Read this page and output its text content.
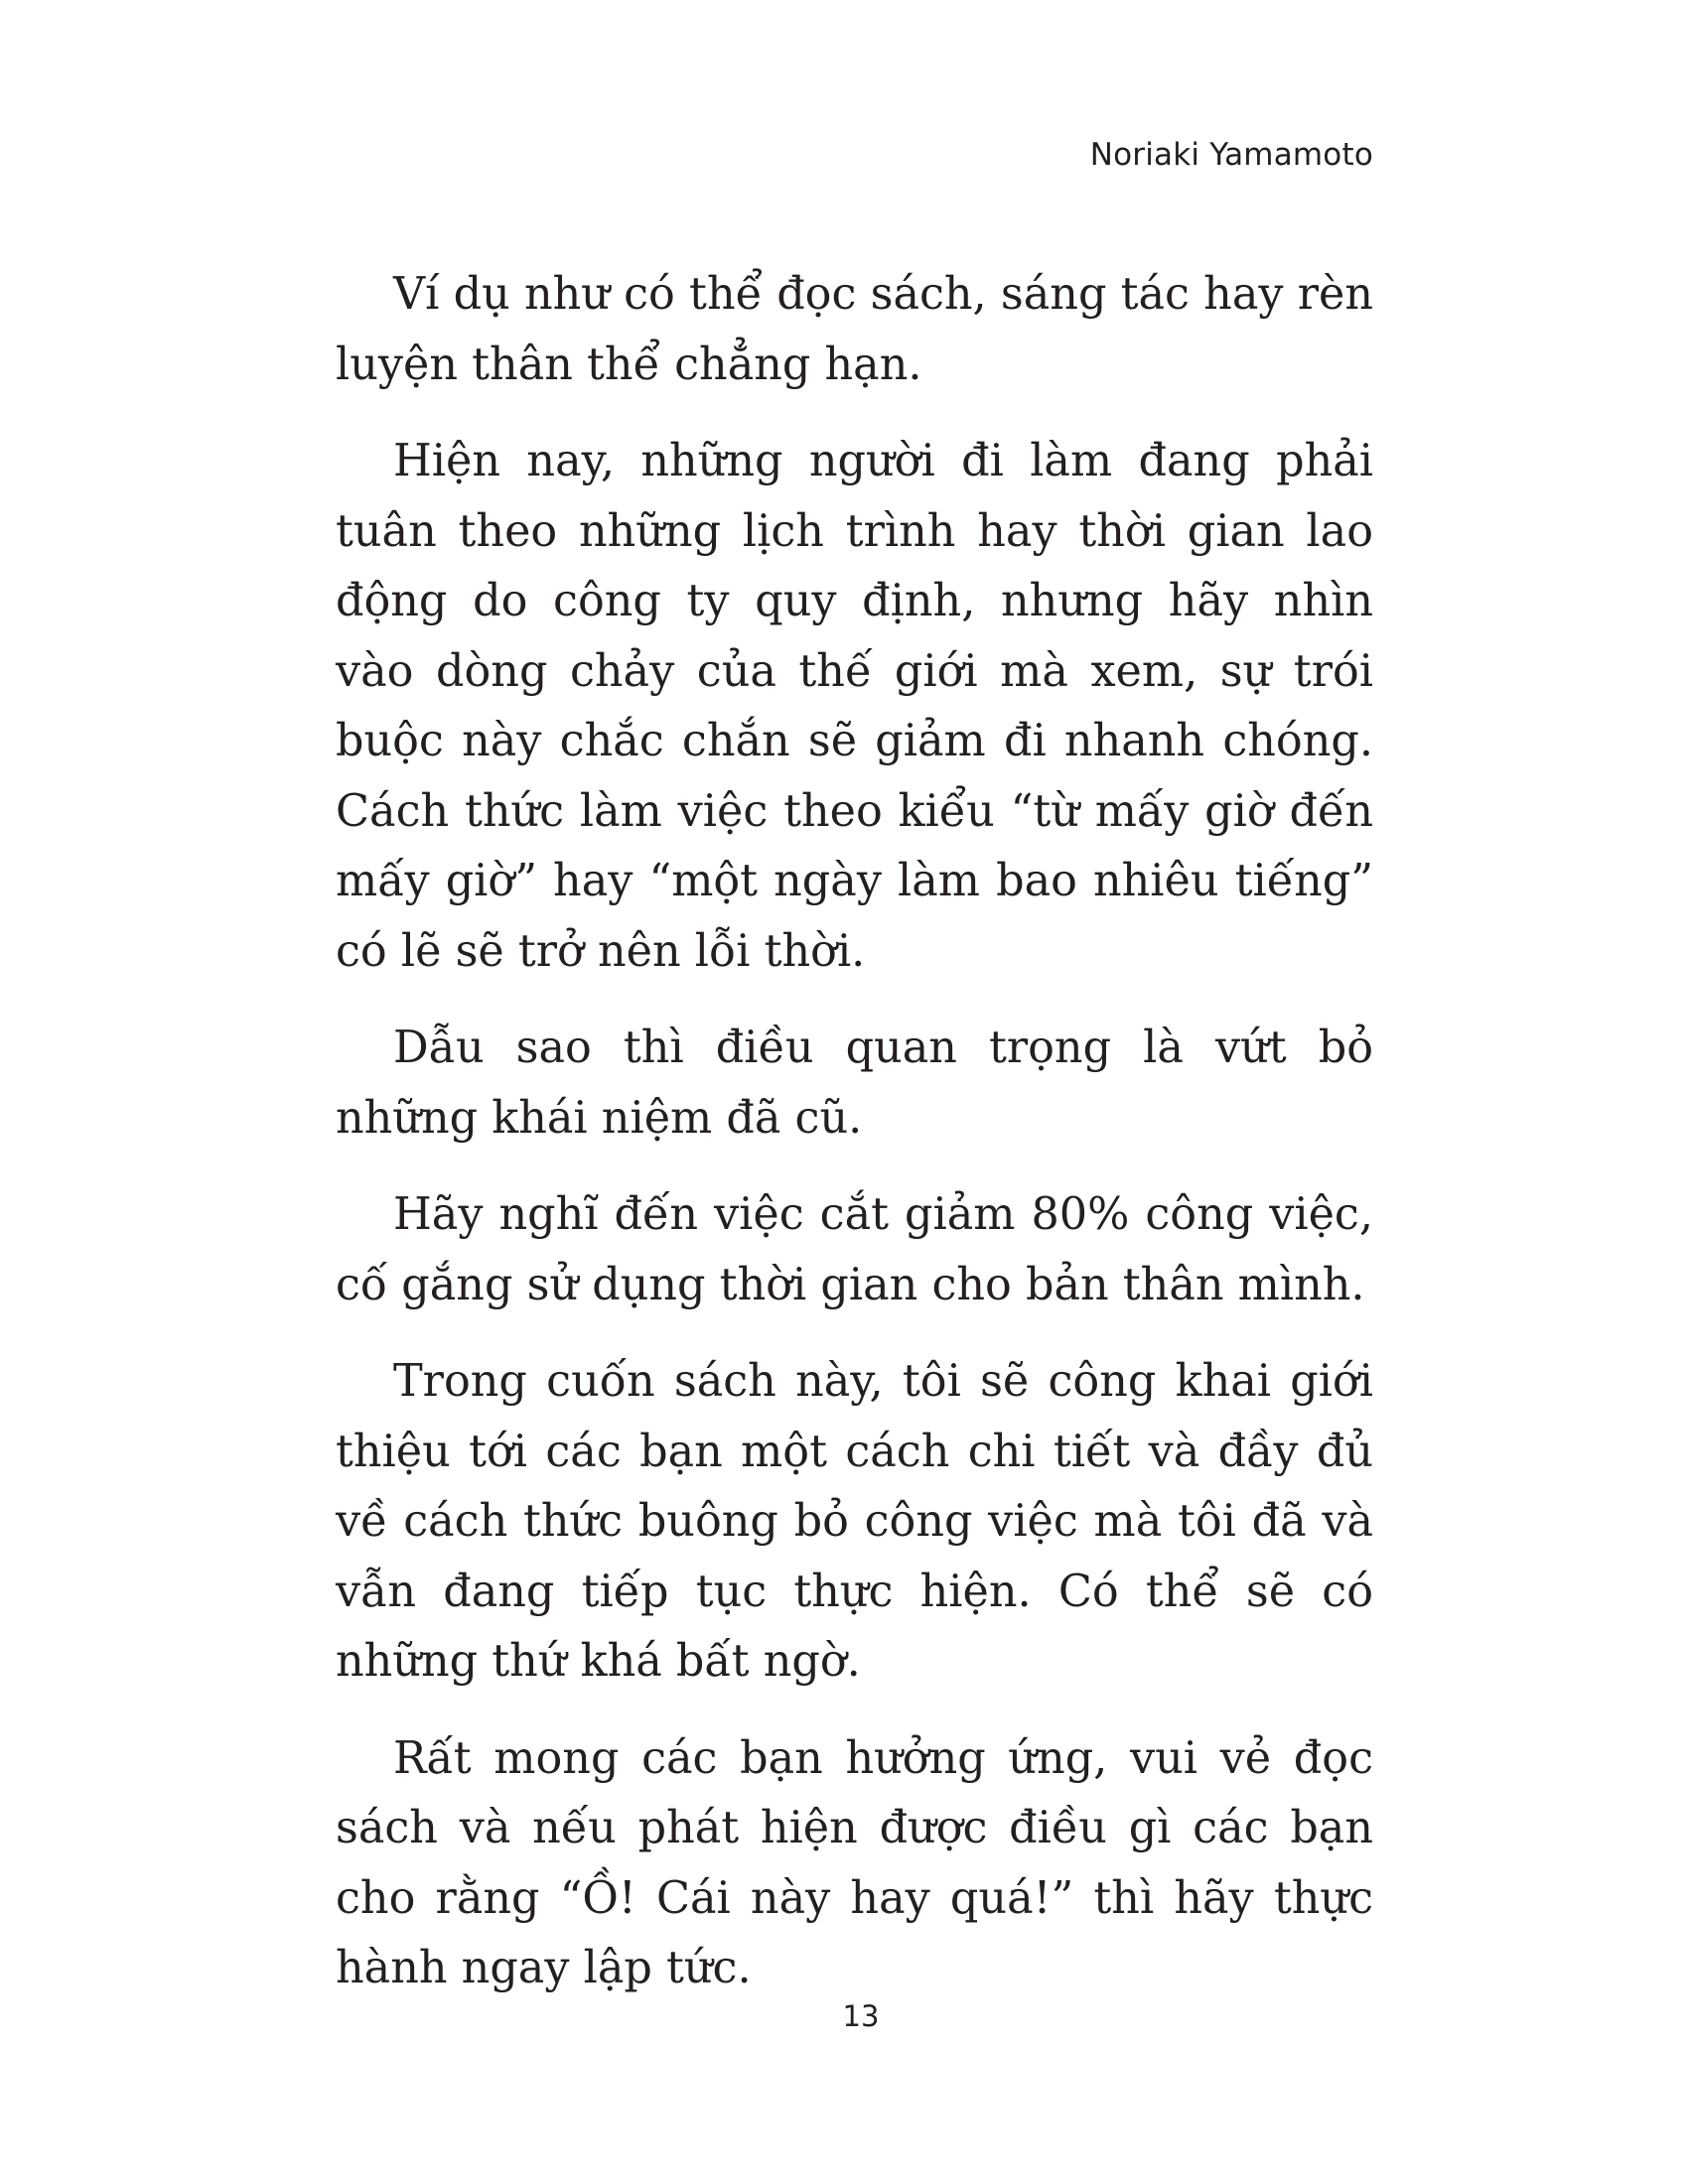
Noriaki Yamamoto

Ví dụ như có thể đọc sách, sáng tác hay rèn luyện thân thể chẳng hạn.

Hiện nay, những người đi làm đang phải tuân theo những lịch trình hay thời gian lao động do công ty quy định, nhưng hãy nhìn vào dòng chảy của thế giới mà xem, sự trói buộc này chắc chắn sẽ giảm đi nhanh chóng. Cách thức làm việc theo kiểu “từ mấy giờ đến mấy giờ” hay “một ngày làm bao nhiêu tiếng” có lẽ sẽ trở nên lỗi thời.

Dẫu sao thì điều quan trọng là vứt bỏ những khái niệm đã cũ.

Hãy nghĩ đến việc cắt giảm 80% công việc, cố gắng sử dụng thời gian cho bản thân mình.

Trong cuốn sách này, tôi sẽ công khai giới thiệu tới các bạn một cách chi tiết và đầy đủ về cách thức buông bỏ công việc mà tôi đã và vẫn đang tiếp tục thực hiện. Có thể sẽ có những thứ khá bất ngờ.

Rất mong các bạn hưởng ứng, vui vẻ đọc sách và nếu phát hiện được điều gì các bạn cho rằng “Ồ! Cái này hay quá!” thì hãy thực hành ngay lập tức.

13
